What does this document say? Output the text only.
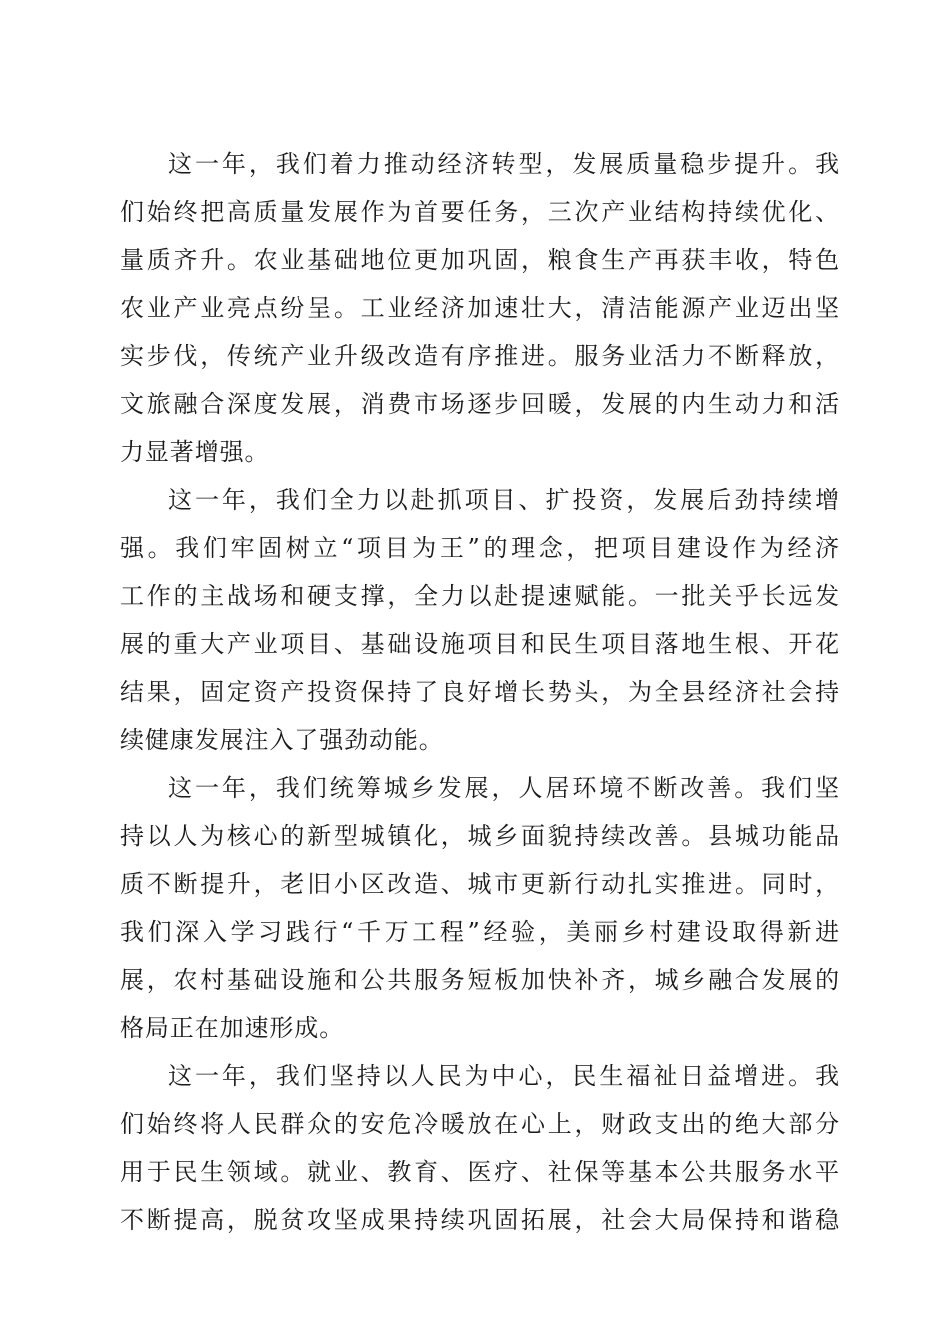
这一年，我们着力推动经济转型，发展质量稳步提升。我
们始终把高质量发展作为首要任务，三次产业结构持续优化、
量质齐升。农业基础地位更加巩固，粮食生产再获丰收，特色
农业产业亮点纷呈。工业经济加速壮大，清洁能源产业迈出坚
实步伐，传统产业升级改造有序推进。服务业活力不断释放，
文旅融合深度发展，消费市场逐步回暖，发展的内生动力和活
力显著增强。
这一年，我们全力以赴抓项目、扩投资，发展后劲持续增
强。我们牢固树立“项目为王”的理念，把项目建设作为经济
工作的主战场和硬支撑，全力以赴提速赋能。一批关乎长远发
展的重大产业项目、基础设施项目和民生项目落地生根、开花
结果，固定资产投资保持了良好增长势头，为全县经济社会持
续健康发展注入了强劲动能。
这一年，我们统筹城乡发展，人居环境不断改善。我们坚
持以人为核心的新型城镇化，城乡面貌持续改善。县城功能品
质不断提升，老旧小区改造、城市更新行动扎实推进。同时，
我们深入学习践行“千万工程”经验，美丽乡村建设取得新进
展，农村基础设施和公共服务短板加快补齐，城乡融合发展的
格局正在加速形成。
这一年，我们坚持以人民为中心，民生福祉日益增进。我
们始终将人民群众的安危冷暖放在心上，财政支出的绝大部分
用于民生领域。就业、教育、医疗、社保等基本公共服务水平
不断提高，脱贫攻坚成果持续巩固拓展，社会大局保持和谐稳
